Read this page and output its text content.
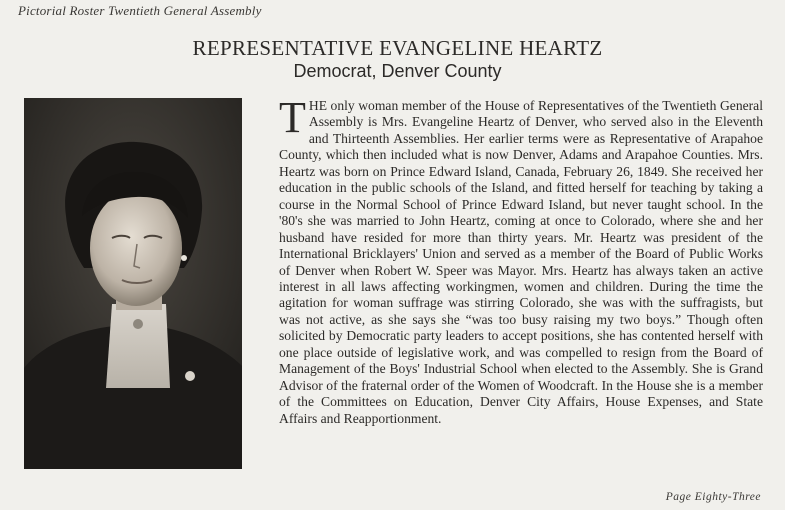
Pictorial Roster Twentieth General Assembly
REPRESENTATIVE EVANGELINE HEARTZ
Democrat, Denver County
T HE only woman member of the House of Representatives of the Twentieth General Assembly is Mrs. Evangeline Heartz of Denver, who served also in the Eleventh and Thirteenth Assemblies. Her earlier terms were as Representative of Arapahoe County, which then included what is now Denver, Adams and Arapahoe Counties. Mrs. Heartz was born on Prince Edward Island, Canada, February 26, 1849. She received her education in the public schools of the Island, and fitted herself for teaching by taking a course in the Normal School of Prince Edward Island, but never taught school. In the '80's she was married to John Heartz, coming at once to Colorado, where she and her husband have resided for more than thirty years. Mr. Heartz was president of the International Bricklayers' Union and served as a member of the Board of Public Works of Denver when Robert W. Speer was Mayor. Mrs. Heartz has always taken an active interest in all laws affecting workingmen, women and children. During the time the agitation for woman suffrage was stirring Colorado, she was with the suffragists, but was not active, as she says she “was too busy raising my two boys.” Though often solicited by Democratic party leaders to accept positions, she has contented herself with one place outside of legislative work, and was compelled to resign from the Board of Management of the Boys' Industrial School when elected to the Assembly. She is Grand Advisor of the fraternal order of the Women of Woodcraft. In the House she is a member of the Committees on Education, Denver City Affairs, House Expenses, and State Affairs and Reapportionment.
Page Eighty-Three
